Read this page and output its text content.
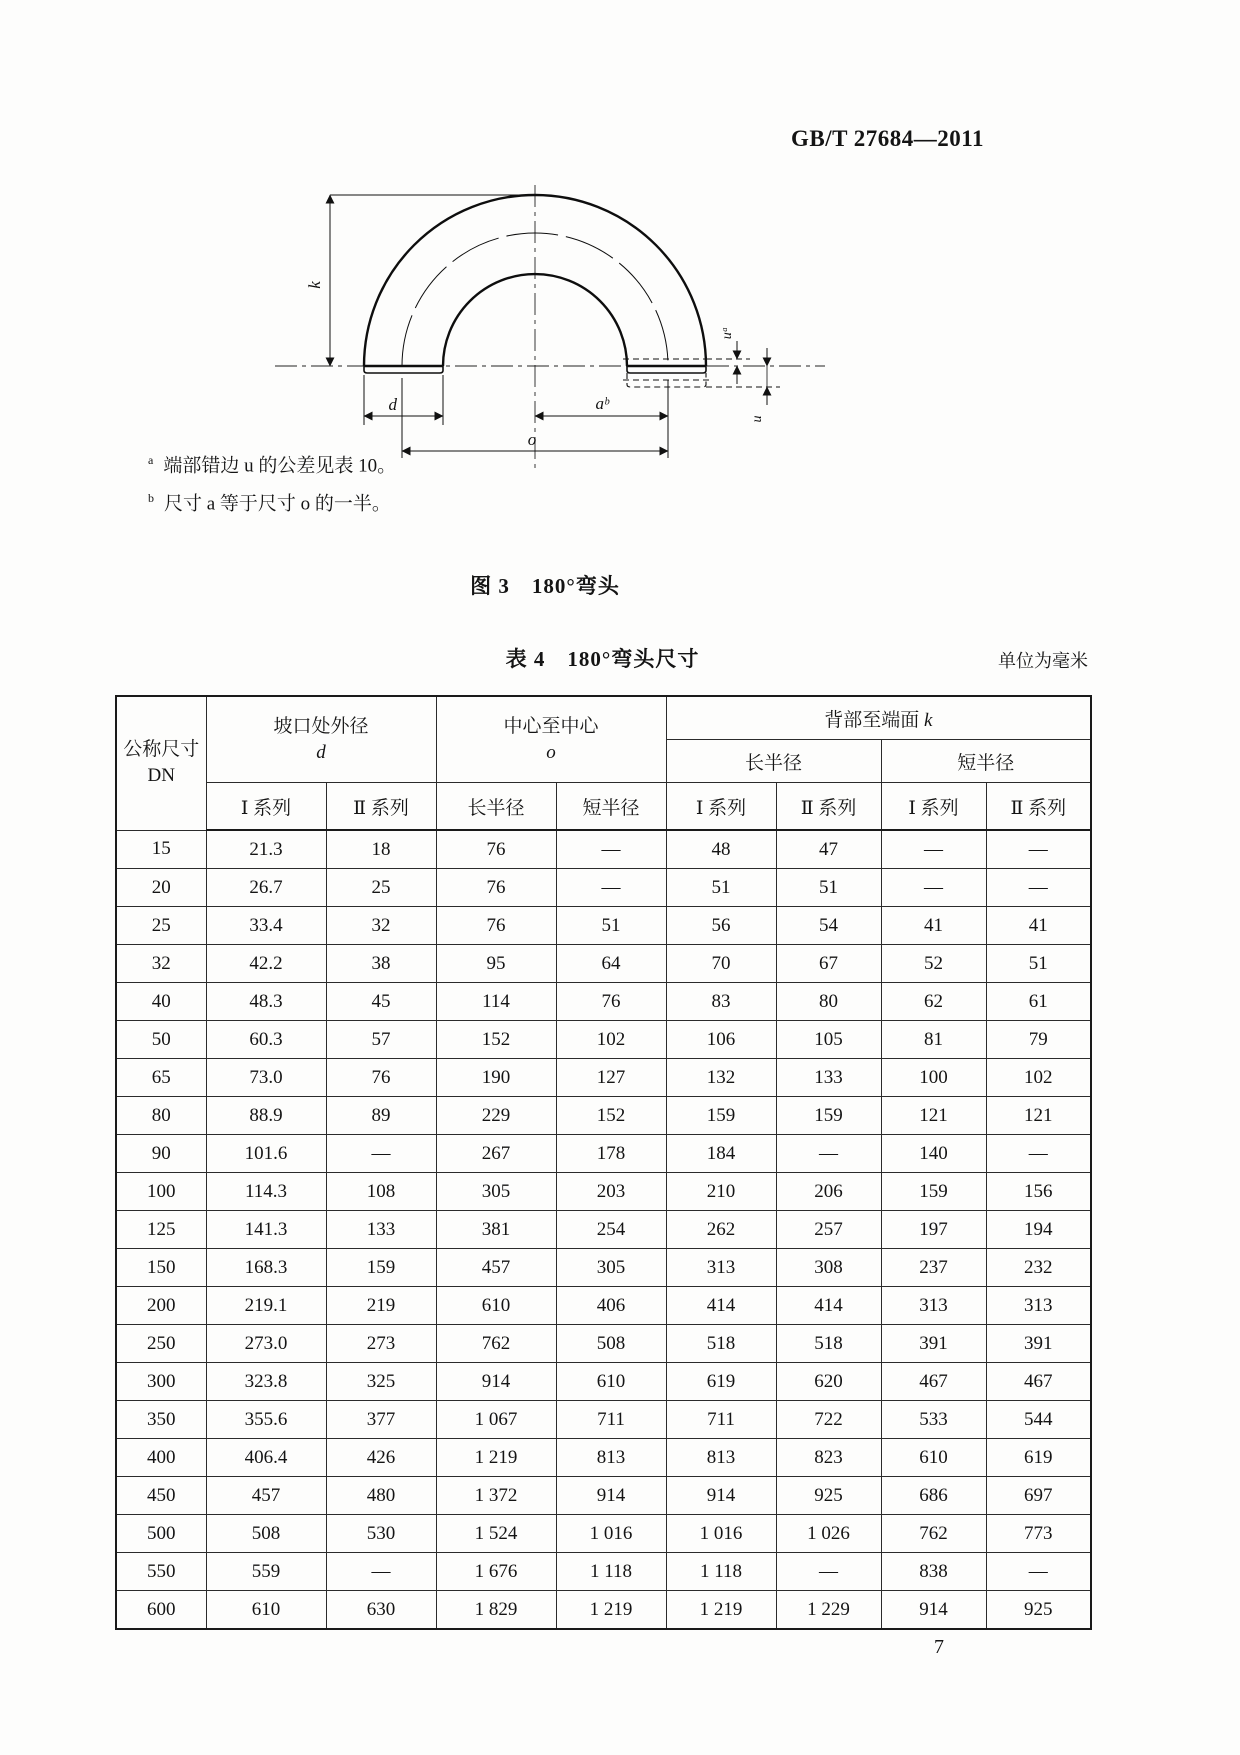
GB/T 27684—2011
k
d	aᵇ
o
uᵃ
u
$^a$ 端部错边 u 的公差见表 10。
$^b$ 尺寸 a 等于尺寸 o 的一半。
图 3　180°弯头
表 4　180°弯头尺寸	单位为毫米
公称尺寸
DN

坡口处外径
d

中心至中心
o
	背部至端面 k
					长半径		短半径	
	Ⅰ 系列	Ⅱ 系列	长半径	短半径	Ⅰ 系列	Ⅱ 系列	Ⅰ 系列	Ⅱ 系列
15	21.3	18	76	—	48	47	—	—
20	26.7	25	76	—	51	51	—	—
25	33.4	32	76	51	56	54	41	41
32	42.2	38	95	64	70	67	52	51
40	48.3	45	114	76	83	80	62	61
50	60.3	57	152	102	106	105	81	79
65	73.0	76	190	127	132	133	100	102
80	88.9	89	229	152	159	159	121	121
90	101.6	—	267	178	184	—	140	—
100	114.3	108	305	203	210	206	159	156
125	141.3	133	381	254	262	257	197	194
150	168.3	159	457	305	313	308	237	232
200	219.1	219	610	406	414	414	313	313
250	273.0	273	762	508	518	518	391	391
300	323.8	325	914	610	619	620	467	467
350	355.6	377	1 067	711	711	722	533	544
400	406.4	426	1 219	813	813	823	610	619
450	457	480	1 372	914	914	925	686	697
500	508	530	1 524	1 016	1 016	1 026	762	773
550	559	—	1 676	1 118	1 118	—	838	—
600	610	630	1 829	1 219	1 219	1 229	914	925
7
